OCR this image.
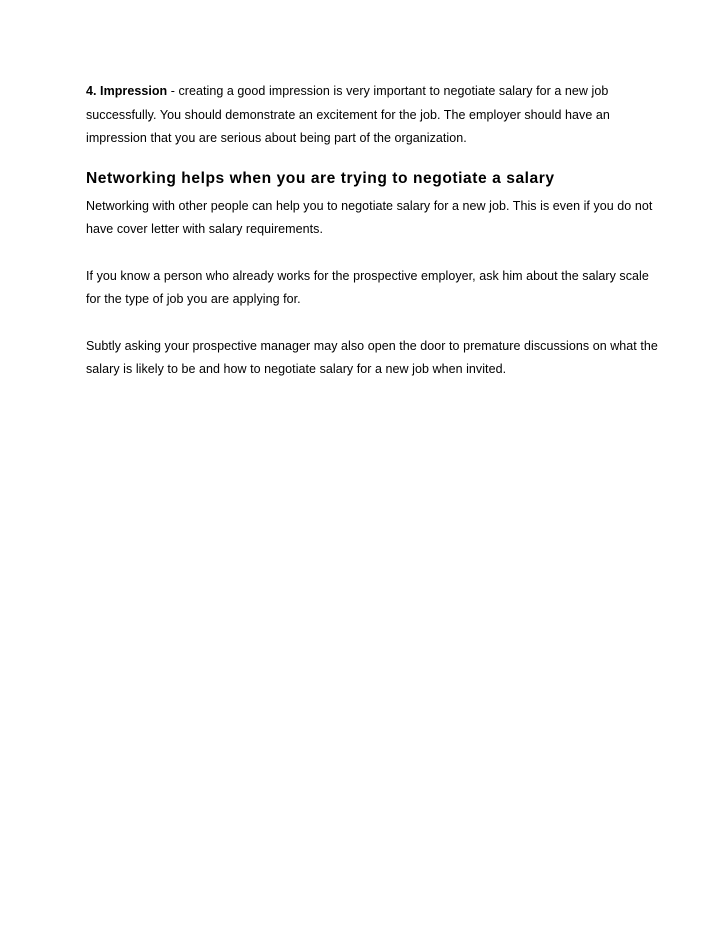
4. Impression - creating a good impression is very important to negotiate salary for a new job successfully. You should demonstrate an excitement for the job. The employer should have an impression that you are serious about being part of the organization.

Networking helps when you are trying to negotiate a salary

Networking with other people can help you to negotiate salary for a new job. This is even if you do not have cover letter with salary requirements.

If you know a person who already works for the prospective employer, ask him about the salary scale for the type of job you are applying for.

Subtly asking your prospective manager may also open the door to premature discussions on what the salary is likely to be and how to negotiate salary for a new job when invited.
